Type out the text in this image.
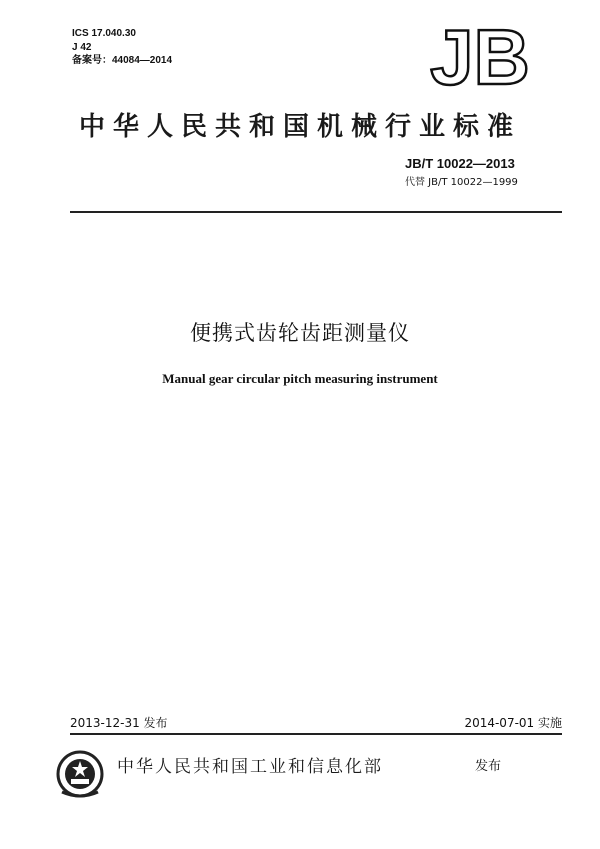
ICS 17.040.30
J 42
备案号：44084—2014	JB
中华人民共和国机械行业标准
JB/T 10022—2013
代替 JB/T 10022—1999
便携式齿轮齿距测量仪
Manual gear circular pitch measuring instrument
2013-12-31 发布	2014-07-01 实施
中华人民共和国工业和信息化部	发布
